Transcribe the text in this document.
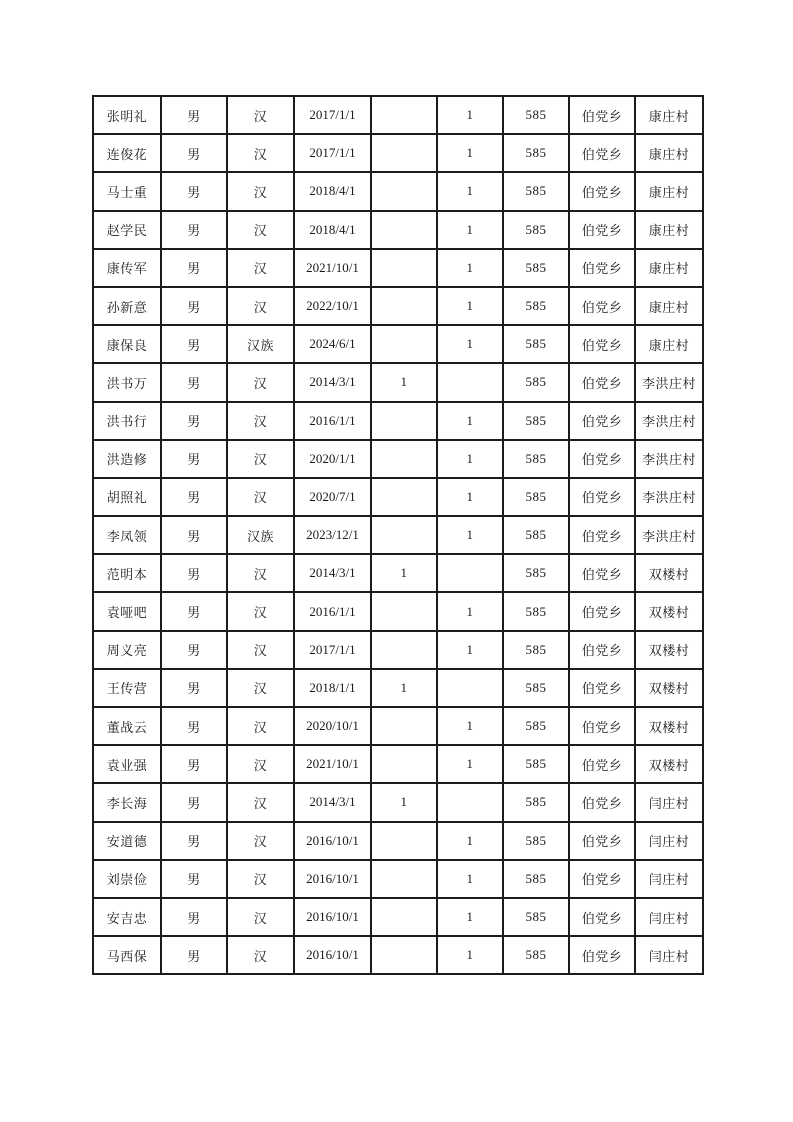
张明礼	男	汉	2017/1/1		1	585	伯党乡	康庄村
连俊花	男	汉	2017/1/1		1	585	伯党乡	康庄村
马士重	男	汉	2018/4/1		1	585	伯党乡	康庄村
赵学民	男	汉	2018/4/1		1	585	伯党乡	康庄村
康传军	男	汉	2021/10/1		1	585	伯党乡	康庄村
孙新意	男	汉	2022/10/1		1	585	伯党乡	康庄村
康保良	男	汉族	2024/6/1		1	585	伯党乡	康庄村
洪书万	男	汉	2014/3/1	1		585	伯党乡	李洪庄村
洪书行	男	汉	2016/1/1		1	585	伯党乡	李洪庄村
洪造修	男	汉	2020/1/1		1	585	伯党乡	李洪庄村
胡照礼	男	汉	2020/7/1		1	585	伯党乡	李洪庄村
李凤领	男	汉族	2023/12/1		1	585	伯党乡	李洪庄村
范明本	男	汉	2014/3/1	1		585	伯党乡	双楼村
袁哑吧	男	汉	2016/1/1		1	585	伯党乡	双楼村
周义亮	男	汉	2017/1/1		1	585	伯党乡	双楼村
王传营	男	汉	2018/1/1	1		585	伯党乡	双楼村
董战云	男	汉	2020/10/1		1	585	伯党乡	双楼村
袁业强	男	汉	2021/10/1		1	585	伯党乡	双楼村
李长海	男	汉	2014/3/1	1		585	伯党乡	闫庄村
安道德	男	汉	2016/10/1		1	585	伯党乡	闫庄村
刘崇俭	男	汉	2016/10/1		1	585	伯党乡	闫庄村
安吉忠	男	汉	2016/10/1		1	585	伯党乡	闫庄村
马西保	男	汉	2016/10/1		1	585	伯党乡	闫庄村
